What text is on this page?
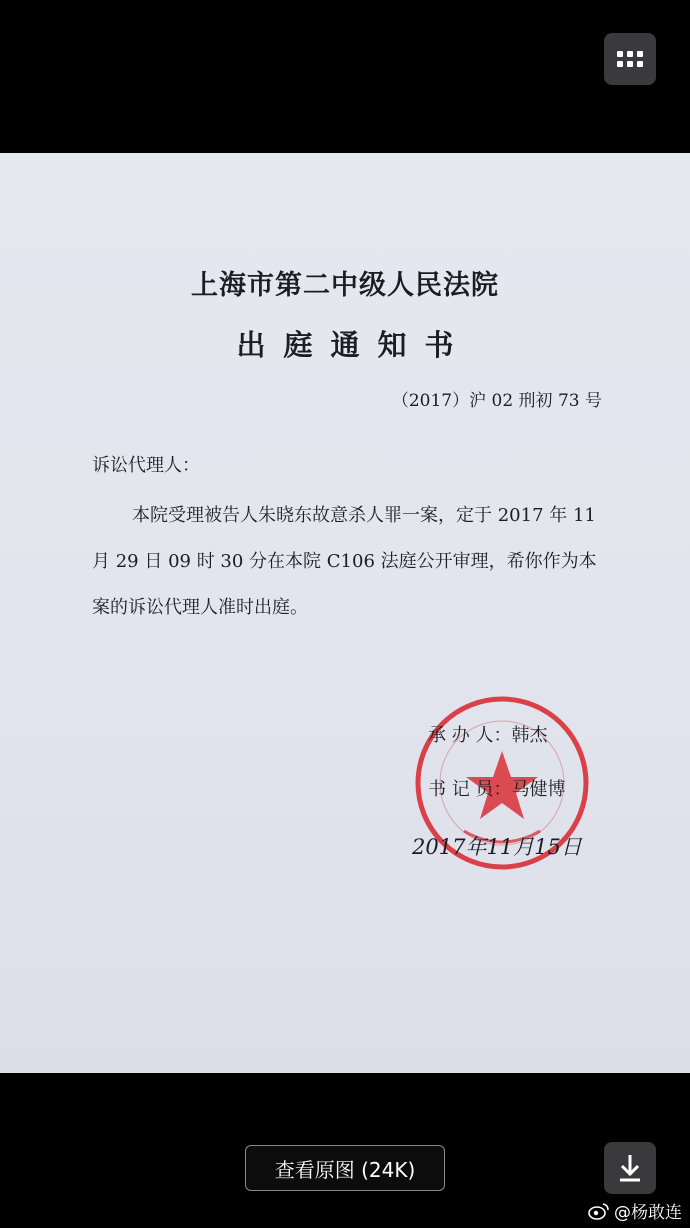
上海市第二中级人民法院
出庭通知书
（2017）沪 02 刑初 73 号
诉讼代理人：
本院受理被告人朱晓东故意杀人罪一案，定于 2017 年 11 月 29 日 09 时 30 分在本院 C106 法庭公开审理，希你作为本案的诉讼代理人准时出庭。
承 办 人：韩杰
书 记 员：马健博
2017年11月15日
查看原图 (24K)
@杨敢连
